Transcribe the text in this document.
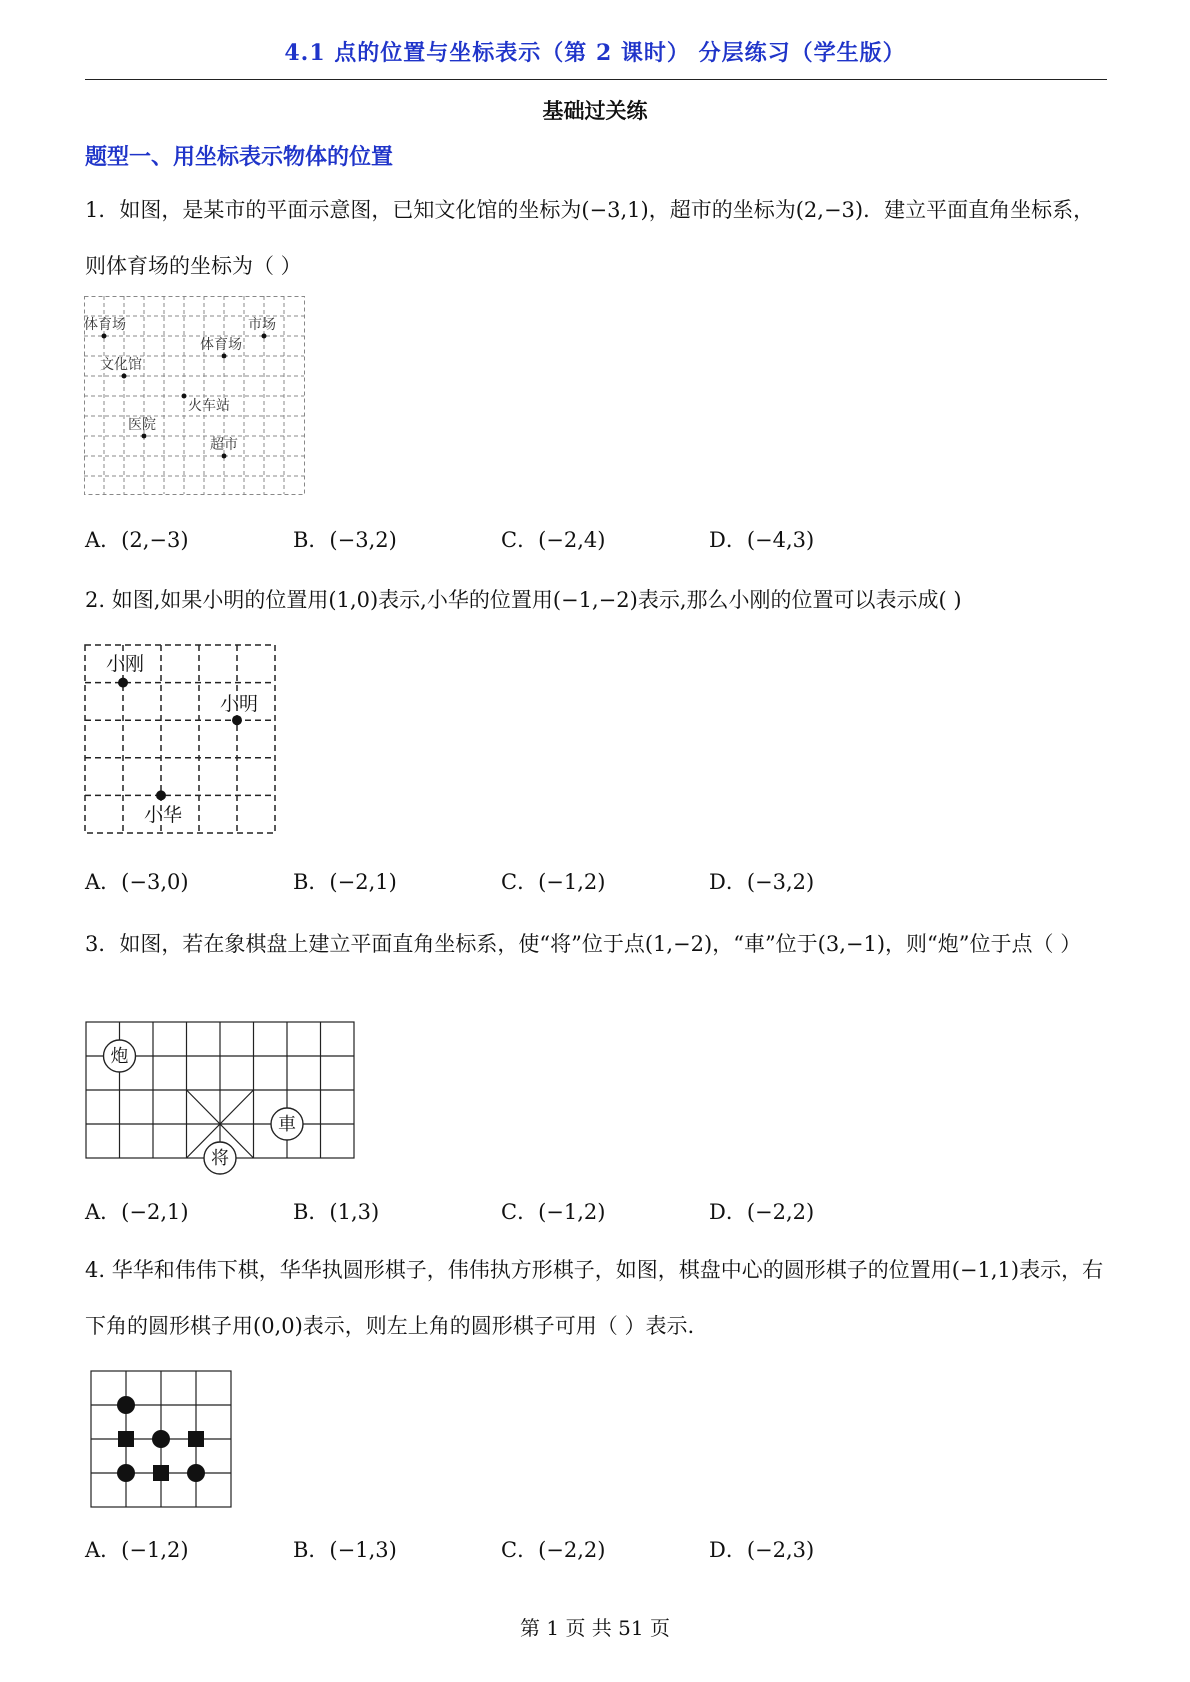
4.1 点的位置与坐标表示（第 2 课时） 分层练习（学生版）
基础过关练
题型一、用坐标表示物体的位置
1．如图，是某市的平面示意图，已知文化馆的坐标为(−3,1)，超市的坐标为(2,−3)．建立平面直角坐标系，则体育场的坐标为（ ）
体育场	市场
体育场
文化馆
火车站
医院
超市
A．(2,−3)	B．(−3,2)	C．(−2,4)	D．(−4,3)
2. 如图,如果小明的位置用(1,0)表示,小华的位置用(−1,−2)表示,那么小刚的位置可以表示成( )
小刚
小明
小华
A．(−3,0)	B．(−2,1)	C．(−1,2)	D．(−3,2)
3．如图，若在象棋盘上建立平面直角坐标系，使“将”位于点(1,−2)，“車”位于(3,−1)，则“炮”位于点（ ）
炮
車
将
A．(−2,1)	B．(1,3)	C．(−1,2)	D．(−2,2)
4. 华华和伟伟下棋，华华执圆形棋子，伟伟执方形棋子，如图，棋盘中心的圆形棋子的位置用(−1,1)表示，右下角的圆形棋子用(0,0)表示，则左上角的圆形棋子可用（ ）表示.
A．(−1,2)	B．(−1,3)	C．(−2,2)	D．(−2,3)
第 1 页 共 51 页
